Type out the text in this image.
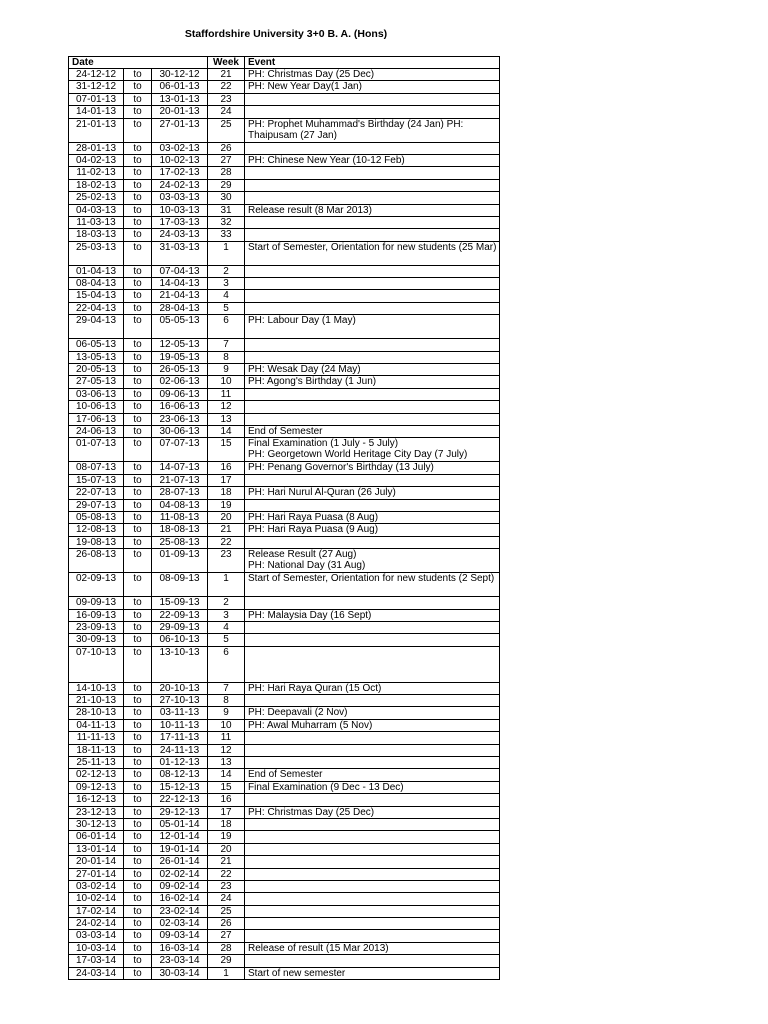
Staffordshire University 3+0 B. A. (Hons)
Date			Week	Event
24-12-12	to	30-12-12	21	PH: Christmas Day (25 Dec)

31-12-12	to	06-01-13	22	PH: New Year Day(1 Jan)

07-01-13	to	13-01-13	23	
14-01-13	to	20-01-13	24	
21-01-13	to	27-01-13	25	PH: Prophet Muhammad's Birthday (24 Jan) PH:
Thaipusam (27 Jan)

28-01-13	to	03-02-13	26	
04-02-13	to	10-02-13	27	PH: Chinese New Year (10-12 Feb)

11-02-13	to	17-02-13	28	
18-02-13	to	24-02-13	29	
25-02-13	to	03-03-13	30	
04-03-13	to	10-03-13	31	Release result (8 Mar 2013)

11-03-13	to	17-03-13	32	
18-03-13	to	24-03-13	33	
25-03-13	to	31-03-13	1	Start of Semester, Orientation for new students (25 Mar)

01-04-13	to	07-04-13	2	
08-04-13	to	14-04-13	3	
15-04-13	to	21-04-13	4	
22-04-13	to	28-04-13	5	
29-04-13	to	05-05-13	6	PH: Labour Day (1 May)

06-05-13	to	12-05-13	7	
13-05-13	to	19-05-13	8	
20-05-13	to	26-05-13	9	PH: Wesak Day (24 May)

27-05-13	to	02-06-13	10	PH: Agong's Birthday (1 Jun)

03-06-13	to	09-06-13	11	
10-06-13	to	16-06-13	12	
17-06-13	to	23-06-13	13	
24-06-13	to	30-06-13	14	End of Semester

01-07-13	to	07-07-13	15	Final Examination (1 July - 5 July)
PH: Georgetown World Heritage City Day (7 July)

08-07-13	to	14-07-13	16	PH: Penang Governor's Birthday (13 July)

15-07-13	to	21-07-13	17	
22-07-13	to	28-07-13	18	PH: Hari Nurul Al-Quran (26 July)

29-07-13	to	04-08-13	19	
05-08-13	to	11-08-13	20	PH: Hari Raya Puasa (8 Aug)

12-08-13	to	18-08-13	21	PH: Hari Raya Puasa (9 Aug)

19-08-13	to	25-08-13	22	
26-08-13	to	01-09-13	23	Release Result (27 Aug)
PH: National Day (31 Aug)

02-09-13	to	08-09-13	1	Start of Semester, Orientation for new students (2 Sept)

09-09-13	to	15-09-13	2	
16-09-13	to	22-09-13	3	PH: Malaysia Day (16 Sept)

23-09-13	to	29-09-13	4	
30-09-13	to	06-10-13	5	
07-10-13	to	13-10-13	6	
14-10-13	to	20-10-13	7	PH: Hari Raya Quran (15 Oct)

21-10-13	to	27-10-13	8	
28-10-13	to	03-11-13	9	PH: Deepavali (2 Nov)

04-11-13	to	10-11-13	10	PH: Awal Muharram (5 Nov)

11-11-13	to	17-11-13	11	
18-11-13	to	24-11-13	12	
25-11-13	to	01-12-13	13	
02-12-13	to	08-12-13	14	End of Semester

09-12-13	to	15-12-13	15	Final Examination (9 Dec - 13 Dec)

16-12-13	to	22-12-13	16	
23-12-13	to	29-12-13	17	PH: Christmas Day (25 Dec)

30-12-13	to	05-01-14	18	
06-01-14	to	12-01-14	19	
13-01-14	to	19-01-14	20	
20-01-14	to	26-01-14	21	
27-01-14	to	02-02-14	22	
03-02-14	to	09-02-14	23	
10-02-14	to	16-02-14	24	
17-02-14	to	23-02-14	25	
24-02-14	to	02-03-14	26	
03-03-14	to	09-03-14	27	
10-03-14	to	16-03-14	28	Release of result (15 Mar 2013)

17-03-14	to	23-03-14	29	
24-03-14	to	30-03-14	1	Start of new semester
